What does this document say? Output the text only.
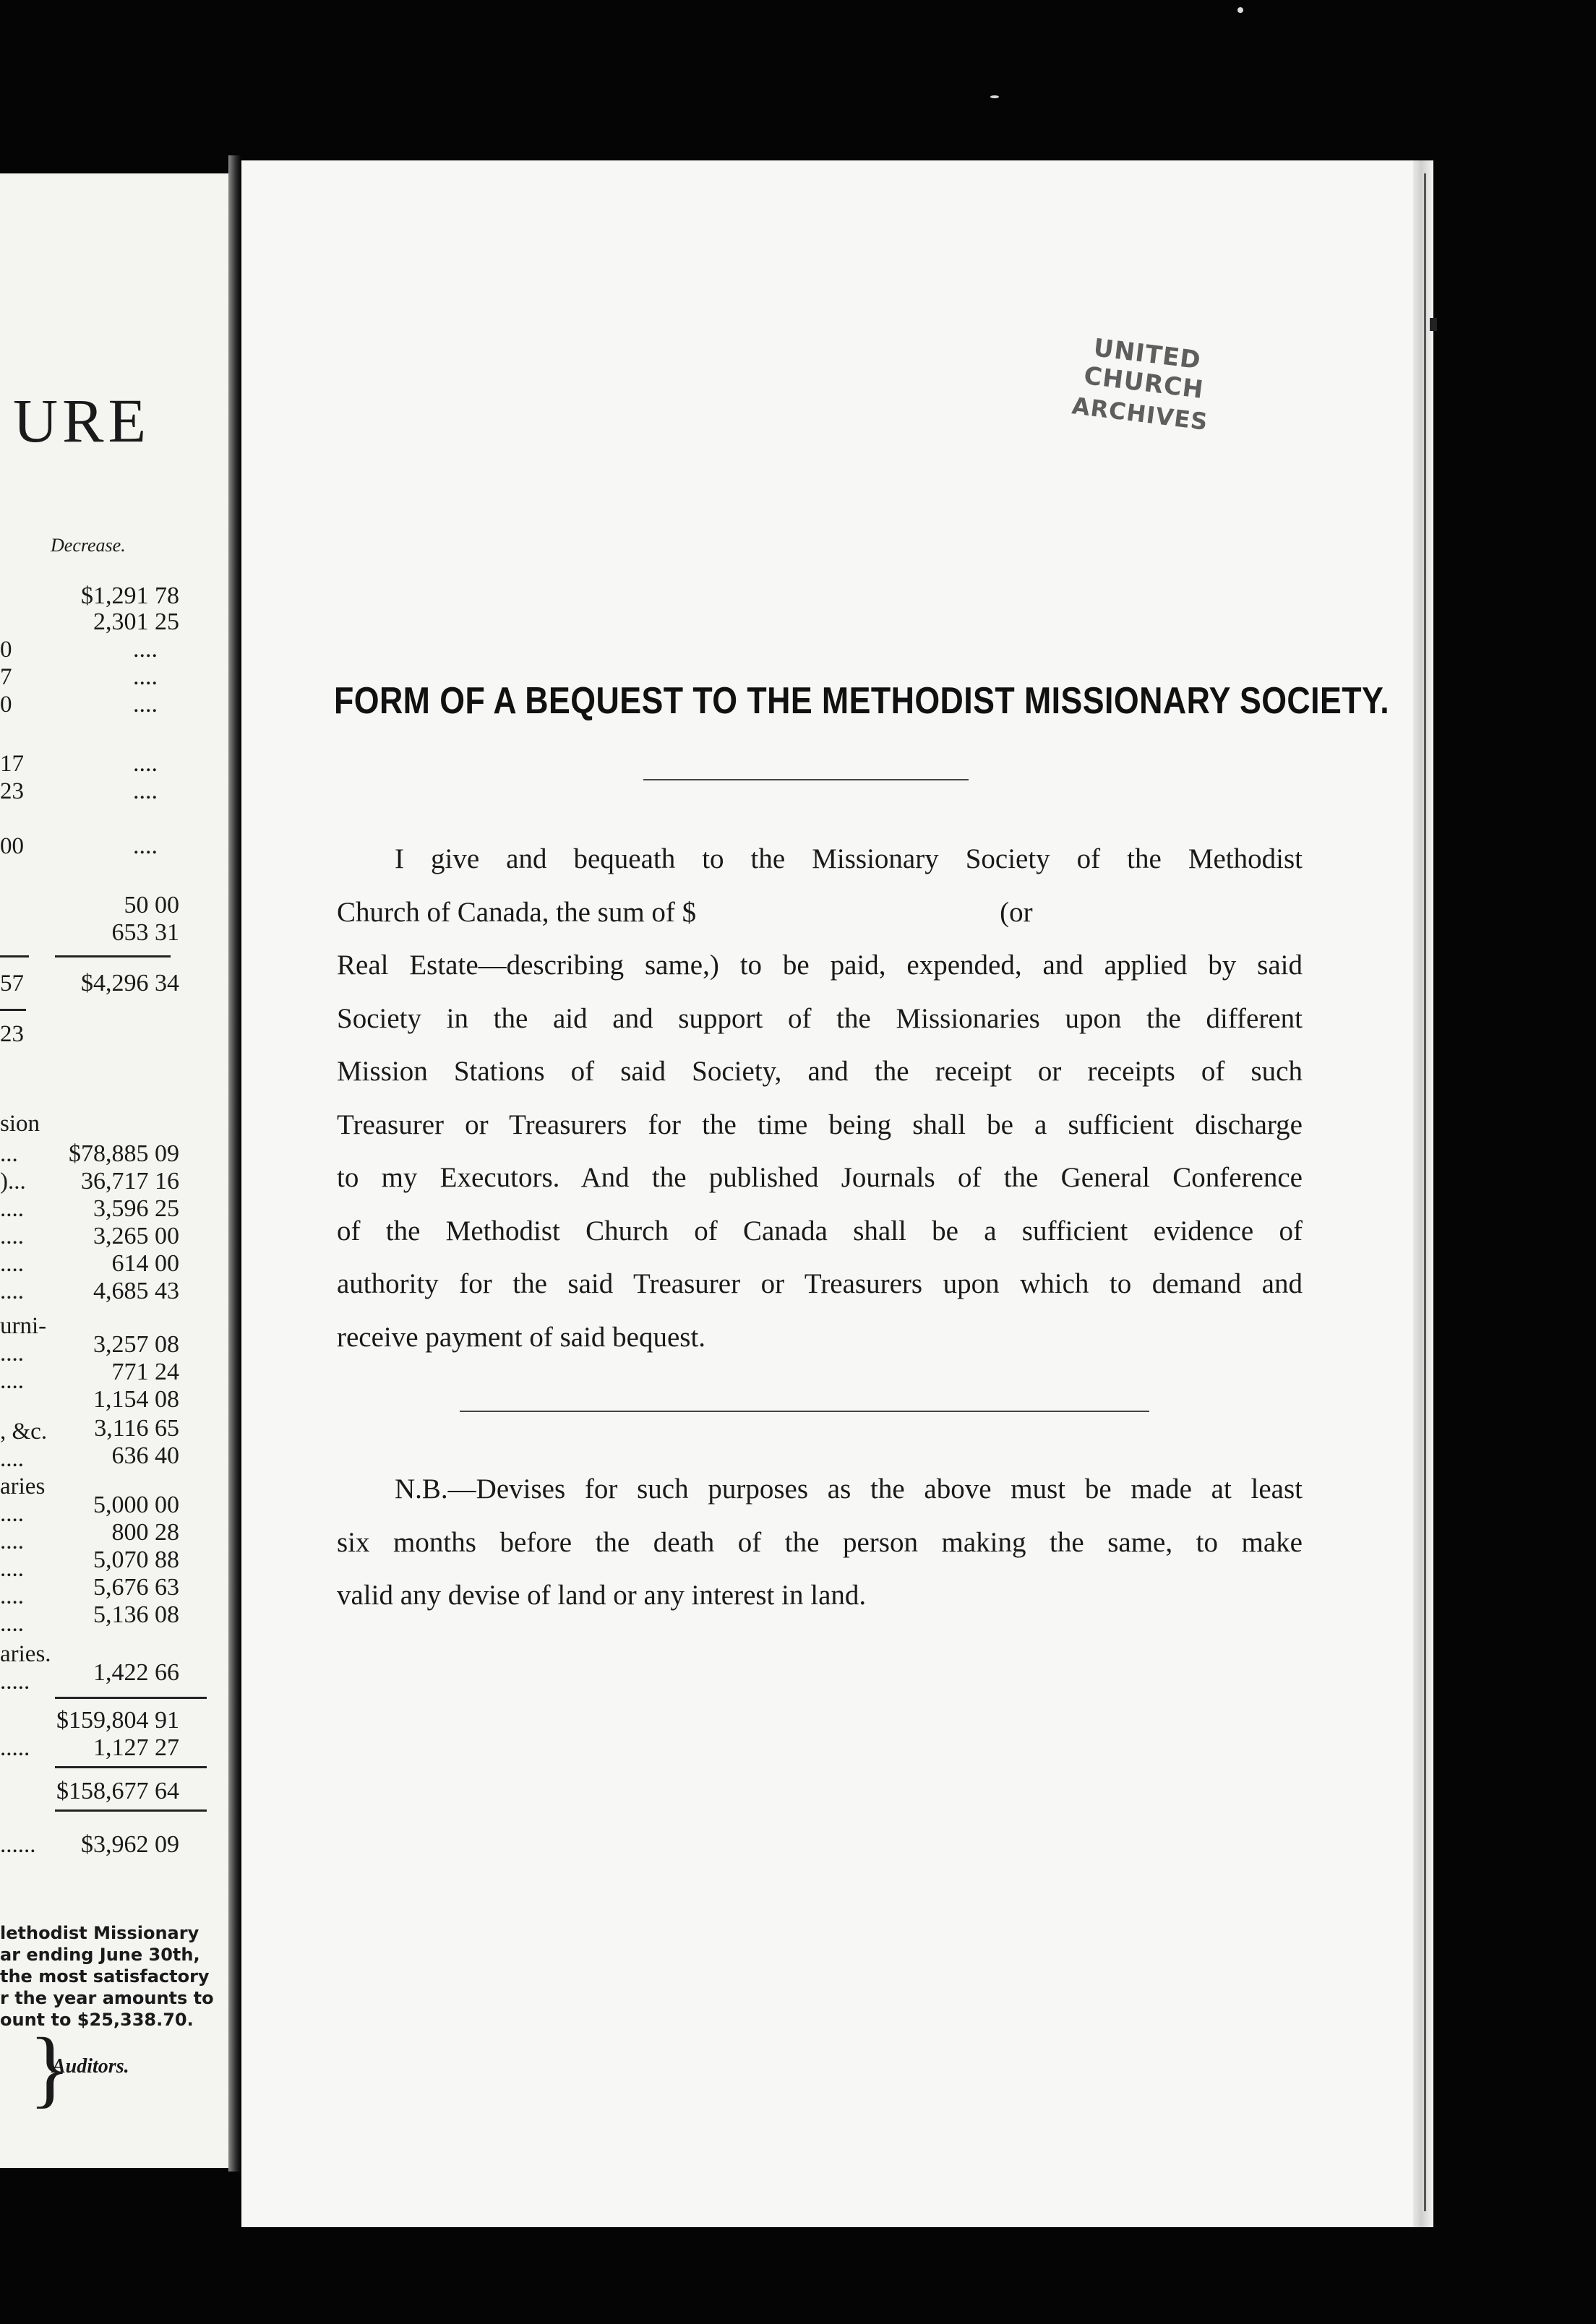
URE
Decrease.
$1,291 78
2,301 25
0	....
7	....
0	....
17	....
23	....
00	....
50 00
653 31
57 $4,296 34
23
sion
... $78,885 09
)... 36,717 16
....	3,596 25
....	3,265 00
....	614 00
....	4,685 43
urni-
....	3,257 08
....	771 24
1,154 08
, &c. 3,116 65
....	636 40
aries
....	5,000 00
....	800 28
....	5,070 88
....	5,676 63
....	5,136 08
aries.
.....	1,422 66
$159,804 91
.....	1,127 27
$158,677 64
...... $3,962 09
lethodist Missionary
ar ending June 30th,
the most satisfactory
r the year amounts to
ount to $25,338.70.
}
Auditors.
UNITED CHURCH
ARCHIVES
FORM OF A BEQUEST TO THE METHODIST MISSIONARY SOCIETY.
I give and bequeath to the Missionary Society of the Methodist
Church of Canada, the sum of $	(or
Real Estate—describing same,) to be paid, expended, and applied by said
Society in the aid and support of the Missionaries upon the different
Mission Stations of said Society, and the receipt or receipts of such
Treasurer or Treasurers for the time being shall be a sufficient discharge
to my Executors. And the published Journals of the General Conference
of the Methodist Church of Canada shall be a sufficient evidence of
authority for the said Treasurer or Treasurers upon which to demand and
receive payment of said bequest.
N.B.—Devises for such purposes as the above must be made at least
six months before the death of the person making the same, to make
valid any devise of land or any interest in land.
